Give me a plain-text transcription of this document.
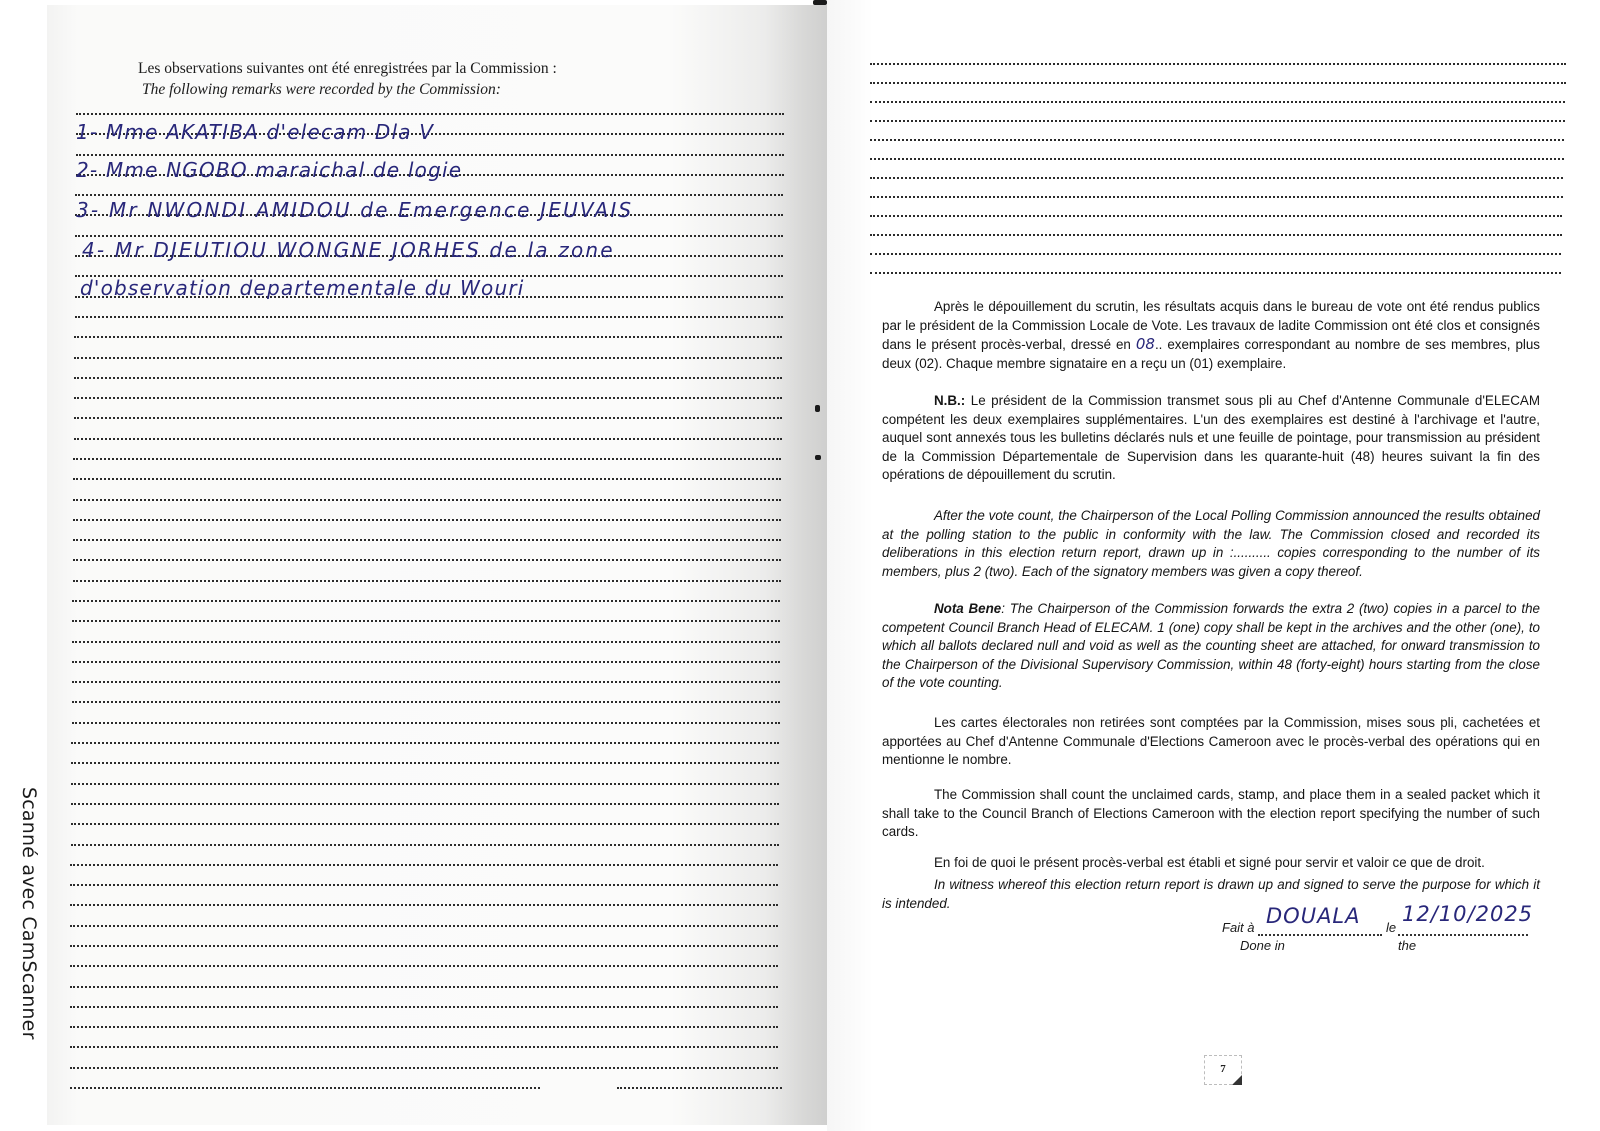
Scanné avec CamScanner
Les observations suivantes ont été enregistrées par la Commission :
The following remarks were recorded by the Commission:
1- Mme AKATIBA d'elecam Dla V
2- Mme NGOBO maraichal de logie
3- Mr NWONDI AMIDOU de Emergence JEUVAIS
4- Mr DJEUTIOU WONGNE JORHES de la zone
d'observation departementale du Wouri

Après le dépouillement du scrutin, les résultats acquis dans le bureau de vote ont été rendus publics par le président de la Commission Locale de Vote. Les travaux de ladite Commission ont été clos et consignés dans le présent procès-verbal, dressé en 08.. exemplaires correspondant au nombre de ses membres, plus deux (02). Chaque membre signataire en a reçu un (01) exemplaire.

N.B.: Le président de la Commission transmet sous pli au Chef d'Antenne Communale d'ELECAM compétent les deux exemplaires supplémentaires. L'un des exemplaires est destiné à l'archivage et l'autre, auquel sont annexés tous les bulletins déclarés nuls et une feuille de pointage, pour transmission au président de la Commission Départementale de Supervision dans les quarante-huit (48) heures suivant la fin des opérations de dépouillement du scrutin.

After the vote count, the Chairperson of the Local Polling Commission announced the results obtained at the polling station to the public in conformity with the law. The Commission closed and recorded its deliberations in this election return report, drawn up in :.......... copies corresponding to the number of its members, plus 2 (two). Each of the signatory members was given a copy thereof.

Nota Bene: The Chairperson of the Commission forwards the extra 2 (two) copies in a parcel to the competent Council Branch Head of ELECAM. 1 (one) copy shall be kept in the archives and the other (one), to which all ballots declared null and void as well as the counting sheet are attached, for onward transmission to the Chairperson of the Divisional Supervisory Commission, within 48 (forty-eight) hours starting from the close of the vote counting.

Les cartes électorales non retirées sont comptées par la Commission, mises sous pli, cachetées et apportées au Chef d'Antenne Communale d'Elections Cameroon avec le procès-verbal des opérations qui en mentionne le nombre.

The Commission shall count the unclaimed cards, stamp, and place them in a sealed packet which it shall take to the Council Branch of Elections Cameroon with the election report specifying the number of such cards.

En foi de quoi le présent procès-verbal est établi et signé pour servir et valoir ce que de droit.

In witness whereof this election return report is drawn up and signed to serve the purpose for which it is intended.

Fait à DOUALA le
12/10/2025
Done in	the
7
